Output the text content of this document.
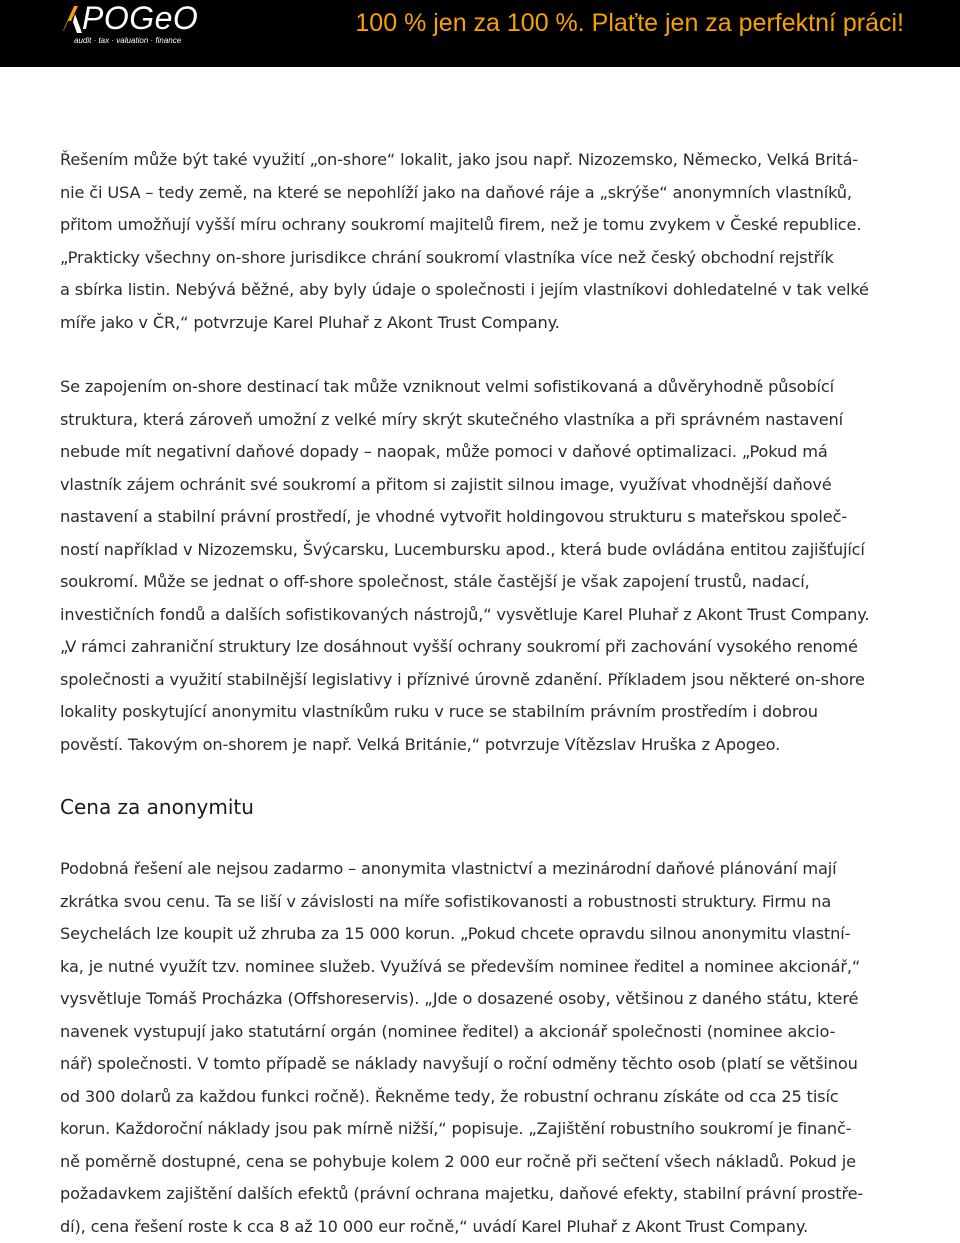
POGeO
audit · tax · valuation · finance
100 % jen za 100 %. Plaťte jen za perfektní práci!

Řešením může být také využití „on-shore“ lokalit, jako jsou např. Nizozemsko, Německo, Velká Britá-
nie či USA – tedy země, na které se nepohlíží jako na daňové ráje a „skrýše“ anonymních vlastníků,
přitom umožňují vyšší míru ochrany soukromí majitelů firem, než je tomu zvykem v České republice.
„Prakticky všechny on-shore jurisdikce chrání soukromí vlastníka více než český obchodní rejstřík
a sbírka listin. Nebývá běžné, aby byly údaje o společnosti i jejím vlastníkovi dohledatelné v tak velké
míře jako v ČR,“ potvrzuje Karel Pluhař z Akont Trust Company.

Se zapojením on-shore destinací tak může vzniknout velmi sofistikovaná a důvěryhodně působící
struktura, která zároveň umožní z velké míry skrýt skutečného vlastníka a při správném nastavení
nebude mít negativní daňové dopady – naopak, může pomoci v daňové optimalizaci. „Pokud má
vlastník zájem ochránit své soukromí a přitom si zajistit silnou image, využívat vhodnější daňové
nastavení a stabilní právní prostředí, je vhodné vytvořit holdingovou strukturu s mateřskou společ-
ností například v Nizozemsku, Švýcarsku, Lucembursku apod., která bude ovládána entitou zajišťující
soukromí. Může se jednat o off-shore společnost, stále častější je však zapojení trustů, nadací,
investičních fondů a dalších sofistikovaných nástrojů,“ vysvětluje Karel Pluhař z Akont Trust Company.
„V rámci zahraniční struktury lze dosáhnout vyšší ochrany soukromí při zachování vysokého renomé
společnosti a využití stabilnější legislativy i příznivé úrovně zdanění. Příkladem jsou některé on-shore
lokality poskytující anonymitu vlastníkům ruku v ruce se stabilním právním prostředím i dobrou
pověstí. Takovým on-shorem je např. Velká Británie,“ potvrzuje Vítězslav Hruška z Apogeo.

Cena za anonymitu

Podobná řešení ale nejsou zadarmo – anonymita vlastnictví a mezinárodní daňové plánování mají
zkrátka svou cenu. Ta se liší v závislosti na míře sofistikovanosti a robustnosti struktury. Firmu na
Seychelách lze koupit už zhruba za 15 000 korun. „Pokud chcete opravdu silnou anonymitu vlastní-
ka, je nutné využít tzv. nominee služeb. Využívá se především nominee ředitel a nominee akcionář,“
vysvětluje Tomáš Procházka (Offshoreservis). „Jde o dosazené osoby, většinou z daného státu, které
navenek vystupují jako statutární orgán (nominee ředitel) a akcionář společnosti (nominee akcio-
nář) společnosti. V tomto případě se náklady navyšují o roční odměny těchto osob (platí se většinou
od 300 dolarů za každou funkci ročně). Řekněme tedy, že robustní ochranu získáte od cca 25 tisíc
korun. Každoroční náklady jsou pak mírně nižší,“ popisuje. „Zajištění robustního soukromí je finanč-
ně poměrně dostupné, cena se pohybuje kolem 2 000 eur ročně při sečtení všech nákladů. Pokud je
požadavkem zajištění dalších efektů (právní ochrana majetku, daňové efekty, stabilní právní prostře-
dí), cena řešení roste k cca 8 až 10 000 eur ročně,“ uvádí Karel Pluhař z Akont Trust Company.
